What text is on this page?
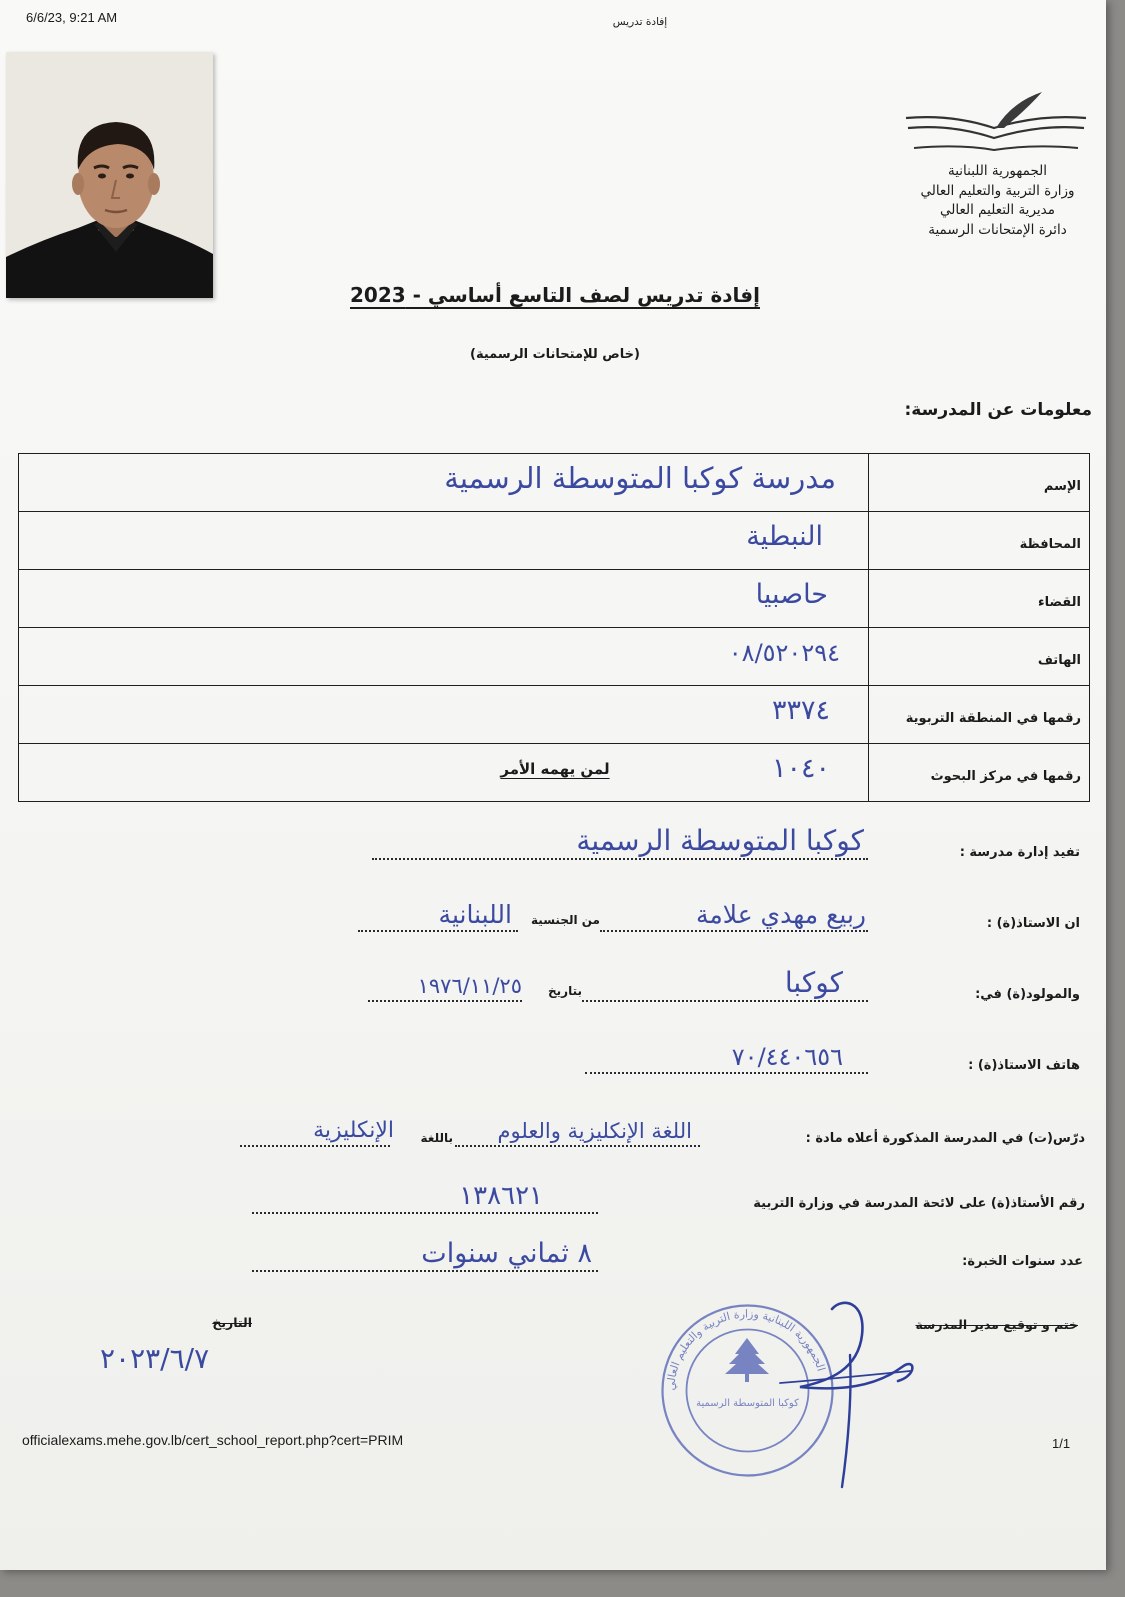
6/6/23, 9:21 AM	إفادة تدريس
الجمهورية اللبنانية
وزارة التربية والتعليم العالي
مديرية التعليم العالي
دائرة الإمتحانات الرسمية
إفادة تدريس لصف التاسع أساسي - 2023
(خاص للإمتحانات الرسمية)
معلومات عن المدرسة:
الإسم	مدرسة كوكبا المتوسطة الرسمية
المحافظة	النبطية
القضاء	حاصبيا
الهاتف	٠٨/٥٢٠٢٩٤
رقمها في المنطقة التربوية	٣٣٧٤
رقمها في مركز البحوث	١٠٤٠
لمن يهمه الأمر
تفيد إدارة مدرسة :
كوكبا المتوسطة الرسمية
ان الاستاذ(ة) :
ربيع مهدي علامة
من الجنسية
اللبنانية
والمولود(ة) في:
كوكبا
بتاريخ
١٩٧٦/١١/٢٥
هاتف الاستاذ(ة) :
٧٠/٤٤٠٦٥٦
درّس(ت) في المدرسة المذكورة أعلاه مادة :
اللغة الإنكليزية والعلوم
باللغة
الإنكليزية
رقم الأستاذ(ة) على لائحة المدرسة في وزارة التربية
١٣٨٦٢١
عدد سنوات الخبرة:
٨ ثماني سنوات
ختم و توقيع مدير المدرسة
التاريخ
٢٠٢٣/٦/٧
الجمهورية اللبنانية وزارة التربية والتعليم العالي
كوكبا المتوسطة الرسمية
officialexams.mehe.gov.lb/cert_school_report.php?cert=PRIM	1/1
